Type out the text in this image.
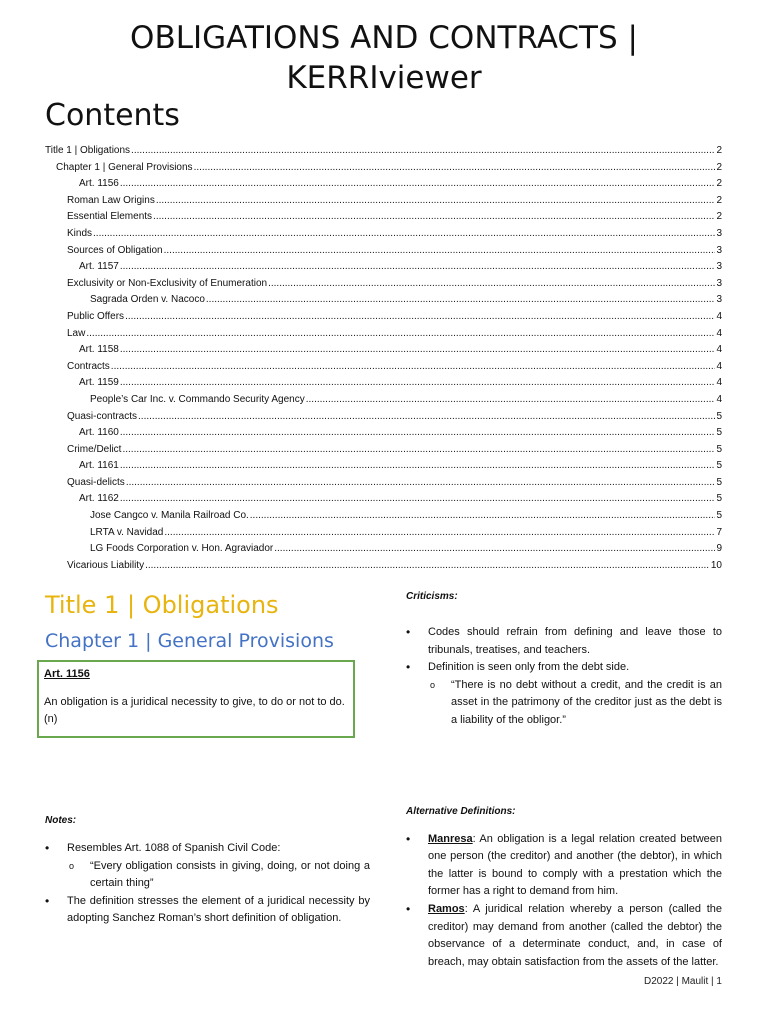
OBLIGATIONS AND CONTRACTS |
KERRIviewer
Contents
Title 1 | Obligations .....	2
Chapter 1 | General Provisions .....	2
Art. 1156 .....	2
Roman Law Origins .....	2
Essential Elements .....	2
Kinds .....	3
Sources of Obligation .....	3
Art. 1157 .....	3
Exclusivity or Non-Exclusivity of Enumeration .....	3
Sagrada Orden v. Nacoco .....	3
Public Offers .....	4
Law .....	4
Art. 1158 .....	4
Contracts .....	4
Art. 1159 .....	4
People’s Car Inc. v. Commando Security Agency .....	4
Quasi-contracts .....	5
Art. 1160 .....	5
Crime/Delict .....	5
Art. 1161 .....	5
Quasi-delicts .....	5
Art. 1162 .....	5
Jose Cangco v. Manila Railroad Co. .....	5
LRTA v. Navidad .....	7
LG Foods Corporation v. Hon. Agraviador .....	9
Vicarious Liability .....	10
Title 1 | Obligations
Chapter 1 | General Provisions
Art. 1156
An obligation is a juridical necessity to give, to do or not to do. (n)
Notes:
• Resembles Art. 1088 of Spanish Civil Code:
o “Every obligation consists in giving, doing, or not doing a certain thing”
• The definition stresses the element of a juridical necessity by adopting Sanchez Roman’s short definition of obligation.
Criticisms:
• Codes should refrain from defining and leave those to tribunals, treatises, and teachers.
• Definition is seen only from the debt side.
o “There is no debt without a credit, and the credit is an asset in the patrimony of the creditor just as the debt is a liability of the obligor.”
Alternative Definitions:
• Manresa: An obligation is a legal relation created between one person (the creditor) and another (the debtor), in which the latter is bound to comply with a prestation which the former has a right to demand from him.
• Ramos: A juridical relation whereby a person (called the creditor) may demand from another (called the debtor) the observance of a determinate conduct, and, in case of breach, may obtain satisfaction from the assets of the latter.
D2022 | Maulit | 1
